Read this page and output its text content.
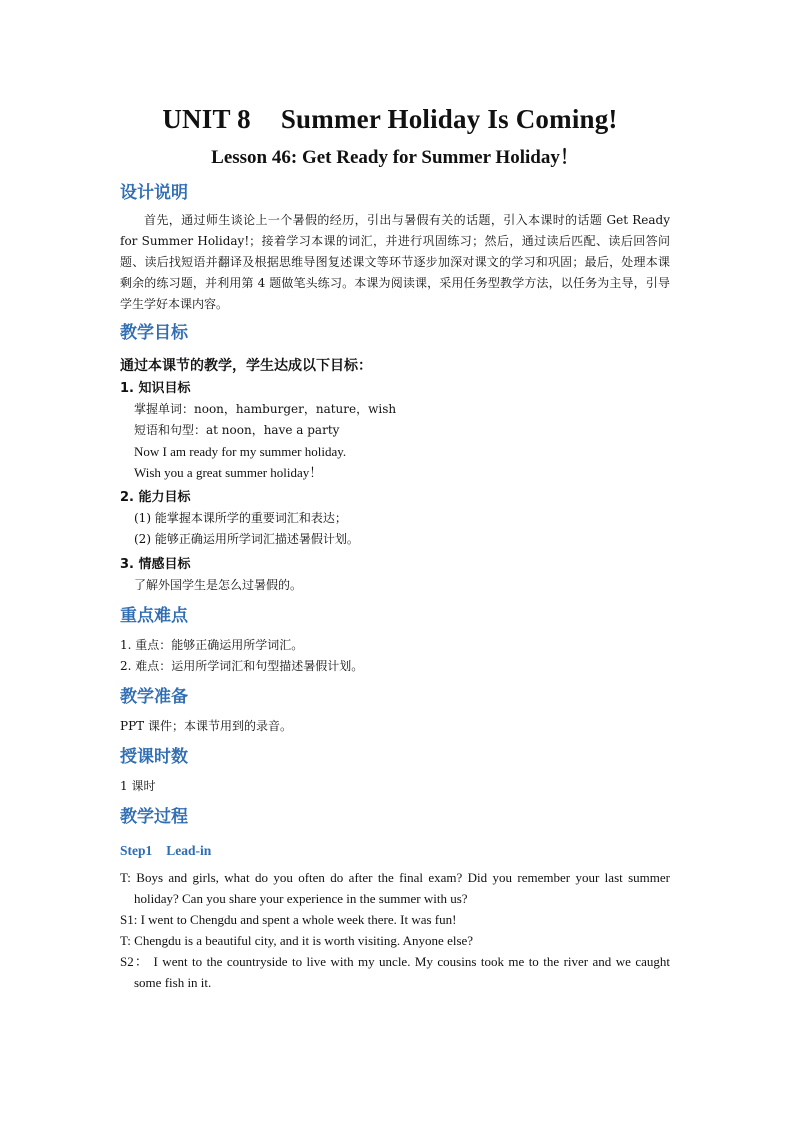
UNIT 8 Summer Holiday Is Coming!
Lesson 46: Get Ready for Summer Holiday！
设计说明

首先，通过师生谈论上一个暑假的经历，引出与暑假有关的话题，引入本课时的话题 Get Ready for Summer Holiday!；接着学习本课的词汇，并进行巩固练习；然后，通过读后匹配、读后回答问题、读后找短语并翻译及根据思维导图复述课文等环节逐步加深对课文的学习和巩固；最后，处理本课剩余的练习题，并利用第 4 题做笔头练习。本课为阅读课，采用任务型教学方法，以任务为主导，引导学生学好本课内容。

教学目标

通过本课节的教学，学生达成以下目标：

1. 知识目标

掌握单词：noon，hamburger，nature，wish

短语和句型：at noon，have a party

Now I am ready for my summer holiday.

Wish you a great summer holiday！

2. 能力目标

(1) 能掌握本课所学的重要词汇和表达；

(2) 能够正确运用所学词汇描述暑假计划。

3. 情感目标

了解外国学生是怎么过暑假的。

重点难点

1. 重点：能够正确运用所学词汇。

2. 难点：运用所学词汇和句型描述暑假计划。

教学准备

PPT 课件；本课节用到的录音。

授课时数

1 课时

教学过程

Step1 Lead-in

T: Boys and girls, what do you often do after the final exam? Did you remember your last summer holiday? Can you share your experience in the summer with us?

S1: I went to Chengdu and spent a whole week there. It was fun!

T: Chengdu is a beautiful city, and it is worth visiting. Anyone else?

S2： I went to the countryside to live with my uncle. My cousins took me to the river and we caught some fish in it.
